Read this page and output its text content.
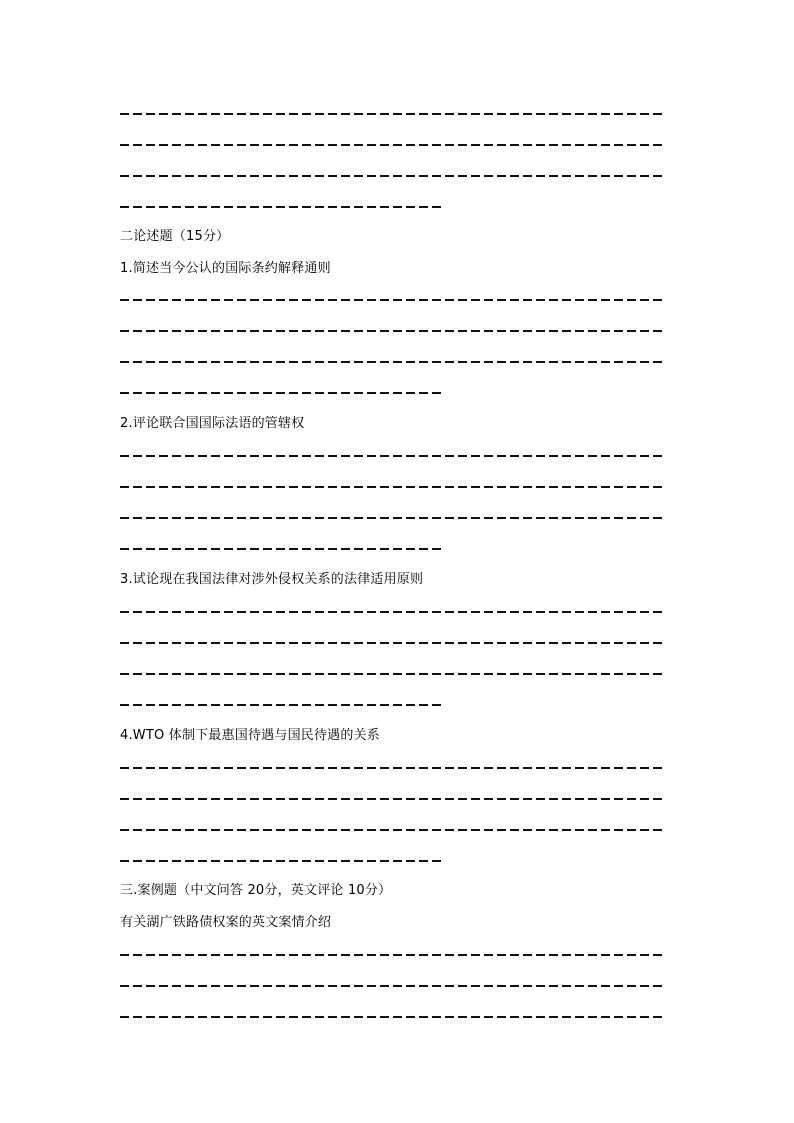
二论述题（15分）
1.简述当今公认的国际条约解释通则
2.评论联合国国际法语的管辖权
3.试论现在我国法律对涉外侵权关系的法律适用原则
4.WTO 体制下最惠国待遇与国民待遇的关系
三.案例题（中文问答 20分，英文评论 10分）
有关湖广铁路债权案的英文案情介绍
